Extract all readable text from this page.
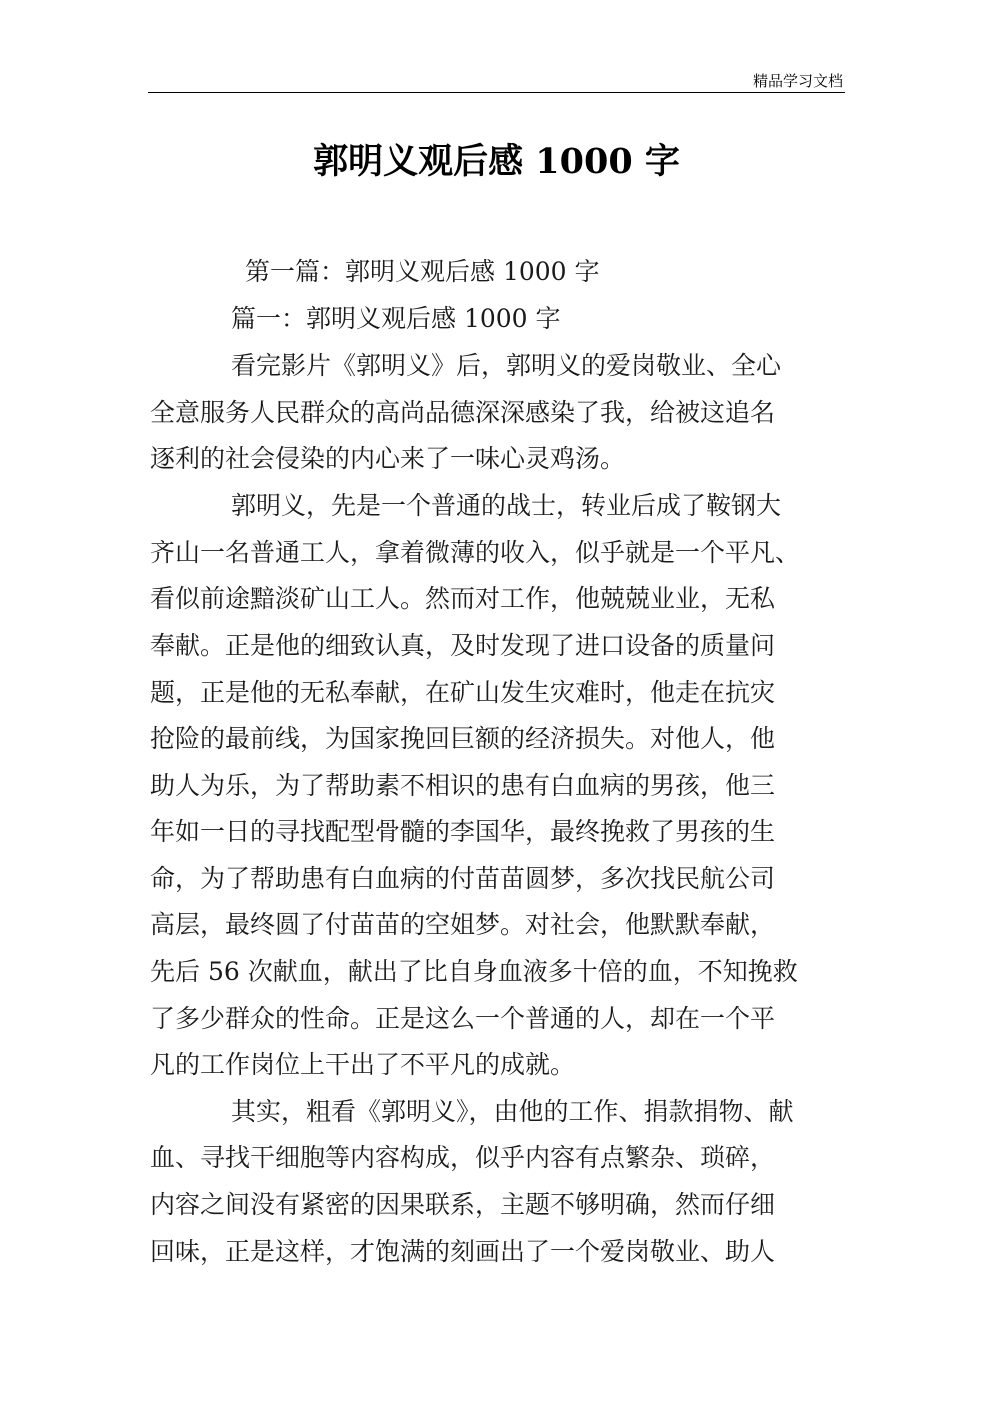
精品学习文档
郭明义观后感 1000 字
第一篇：郭明义观后感 1000 字
篇一：郭明义观后感 1000 字
看完影片《郭明义》后，郭明义的爱岗敬业、全心
全意服务人民群众的高尚品德深深感染了我，给被这追名
逐利的社会侵染的内心来了一味心灵鸡汤。
郭明义，先是一个普通的战士，转业后成了鞍钢大
齐山一名普通工人，拿着微薄的收入，似乎就是一个平凡、
看似前途黯淡矿山工人。然而对工作，他兢兢业业，无私
奉献。正是他的细致认真，及时发现了进口设备的质量问
题，正是他的无私奉献，在矿山发生灾难时，他走在抗灾
抢险的最前线，为国家挽回巨额的经济损失。对他人，他
助人为乐，为了帮助素不相识的患有白血病的男孩，他三
年如一日的寻找配型骨髓的李国华，最终挽救了男孩的生
命，为了帮助患有白血病的付苗苗圆梦，多次找民航公司
高层，最终圆了付苗苗的空姐梦。对社会，他默默奉献，
先后 56 次献血，献出了比自身血液多十倍的血，不知挽救
了多少群众的性命。正是这么一个普通的人，却在一个平
凡的工作岗位上干出了不平凡的成就。
其实，粗看《郭明义》，由他的工作、捐款捐物、献
血、寻找干细胞等内容构成，似乎内容有点繁杂、琐碎，
内容之间没有紧密的因果联系，主题不够明确，然而仔细
回味，正是这样，才饱满的刻画出了一个爱岗敬业、助人
